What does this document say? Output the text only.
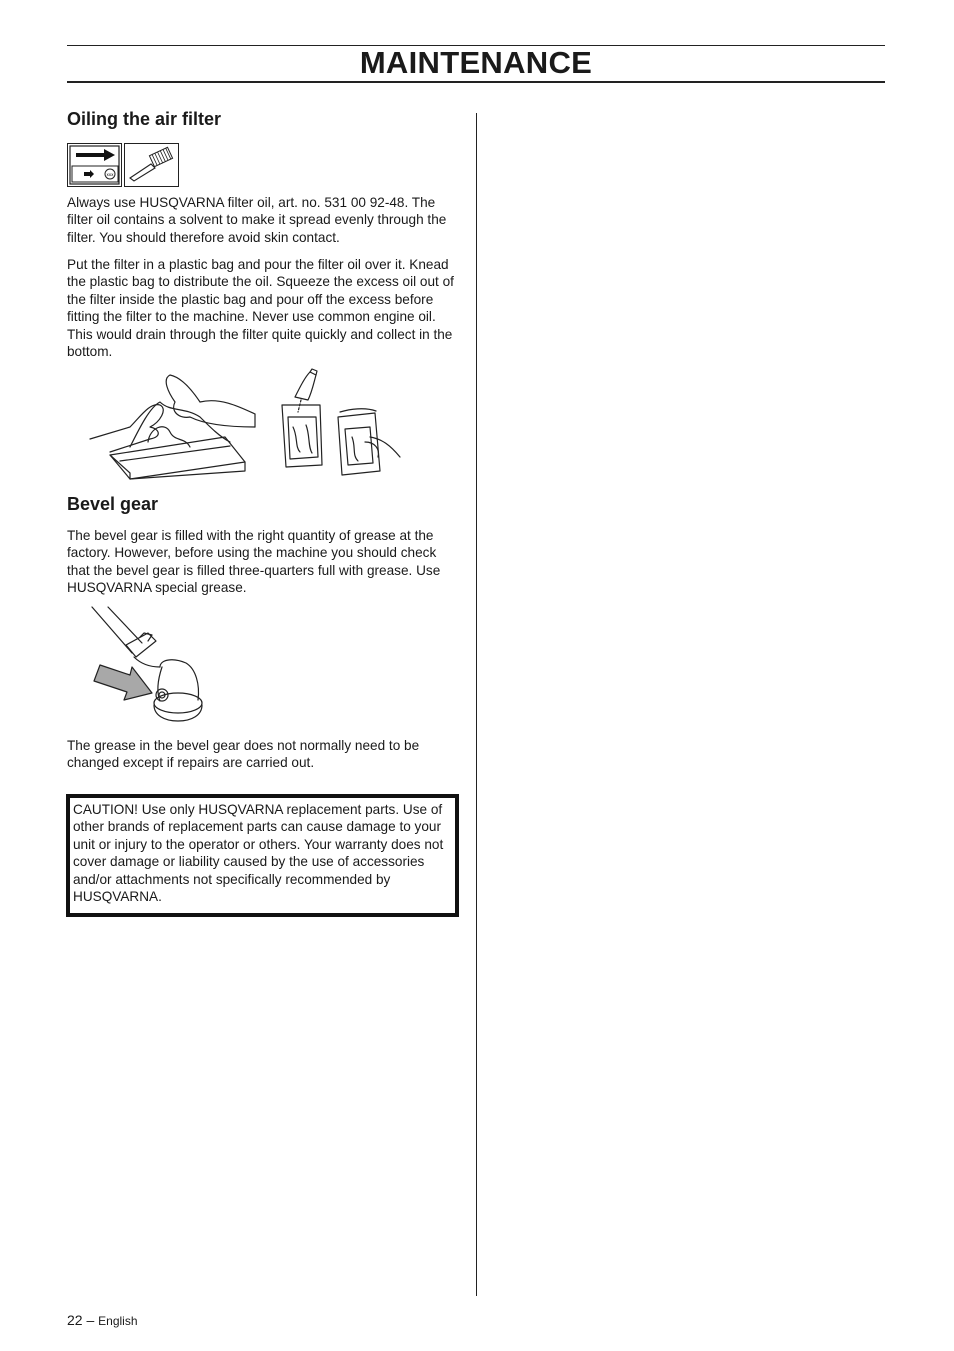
MAINTENANCE
Oiling the air filter
xxx

Always use HUSQVARNA filter oil, art. no. 531 00 92-48. The filter oil contains a solvent to make it spread evenly through the filter. You should therefore avoid skin contact.

Put the filter in a plastic bag and pour the filter oil over it. Knead the plastic bag to distribute the oil. Squeeze the excess oil out of the filter inside the plastic bag and pour off the excess before fitting the filter to the machine. Never use common engine oil. This would drain through the filter quite quickly and collect in the bottom.

Bevel gear

The bevel gear is filled with the right quantity of grease at the factory. However, before using the machine you should check that the bevel gear is filled three-quarters full with grease. Use HUSQVARNA special grease.

The grease in the bevel gear does not normally need to be changed except if repairs are carried out.

CAUTION! Use only HUSQVARNA replacement parts. Use of other brands of replacement parts can cause damage to your unit or injury to the operator or others. Your warranty does not cover damage or liability caused by the use of accessories and/or attachments not specifically recommended by HUSQVARNA.
22 – English
